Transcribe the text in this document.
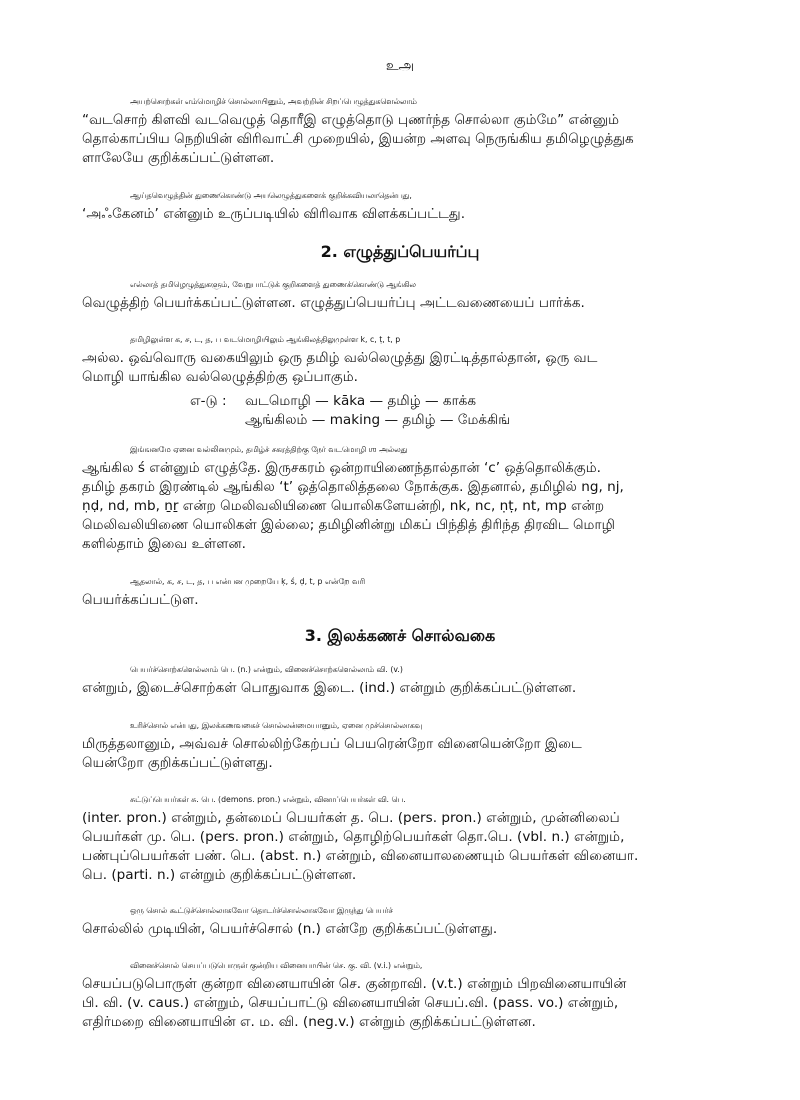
உஅ
அயற்சொற்கள் எம்மொழிச் சொல்லாயினும், அவற்றின் சிறப்பெழுத்துகளெல்லாம்
“வடசொற் கிளவி வடவெழுத் தொரீஇ எழுத்தொடு புணர்ந்த சொல்லா கும்மே” என்னும்
தொல்காப்பிய நெறியின் விரிவாட்சி முறையில், இயன்ற அளவு நெருங்கிய தமிழெழுத்துக
ளாலேயே குறிக்கப்பட்டுள்ளன.
ஆய்தவெழுத்தின் துணைகொண்டு அயலெழுத்துகளைக் குறிக்கவியலாதென்பது,
‘அஃகேனம்’ என்னும் உருப்படியில் விரிவாக விளக்கப்பட்டது.
2. எழுத்துப்பெயர்ப்பு
எல்லாத் தமிழெழுத்துகளும், வேறுபாட்டுக் குறிகளைத் துணைக்கொண்டு ஆங்கில
வெழுத்திற் பெயர்க்கப்பட்டுள்ளன. எழுத்துப்பெயர்ப்பு அட்டவணையைப் பார்க்க.
தமிழிலுள்ள க, ச, ட, த, ப வடமொழியிலும் ஆங்கிலத்திலுமுள்ள k, c, ṭ, t, p
அல்ல. ஒவ்வொரு வகையிலும் ஒரு தமிழ் வல்லெழுத்து இரட்டித்தால்தான், ஒரு வட
மொழி யாங்கில வல்லெழுத்திற்கு ஒப்பாகும்.
எ-டு : வடமொழி — kāka — தமிழ் — காக்க
ஆங்கிலம் — making — தமிழ் — மேக்கிங்
இங்ஙனமே ஏனை வல்லினமும், தமிழ்ச் சகரத்திற்கு நேர் வடமொழி ஶ அல்லது
ஆங்கில ś என்னும் எழுத்தே. இருசகரம் ஒன்றாயிணைந்தால்தான் ‘c’ ஒத்தொலிக்கும்.
தமிழ் தகரம் இரண்டில் ஆங்கில ‘t’ ஒத்தொலித்தலை நோக்குக. இதனால், தமிழில் ng, nj,
ṇḍ, nd, mb, ṉṟ என்ற மெலிவலியிணை யொலிகளேயன்றி, nk, nc, ṇṭ, nt, mp என்ற
மெலிவலியிணை யொலிகள் இல்லை; தமிழினின்று மிகப் பிந்தித் திரிந்த திரவிட மொழி
களில்தாம் இவை உள்ளன.
ஆதலால், க, ச, ட, த, ப என்பன முறையே ḳ, ś, ḍ, t, p என்றே வரி
பெயர்க்கப்பட்டுள.
3. இலக்கணச் சொல்வகை
பெயர்ச்சொற்களெல்லாம் பெ. (n.) என்றும், வினைச்சொற்களெல்லாம் வி. (v.)
என்றும், இடைச்சொற்கள் பொதுவாக இடை. (ind.) என்றும் குறிக்கப்பட்டுள்ளன.
உரிச்சொல் என்பது, இலக்கணவகைச் சொல்லன்மையானும், ஏனை முச்சொல்லாகவு
மிருத்தலானும், அவ்வச் சொல்லிற்கேற்பப் பெயரென்றோ வினையென்றோ இடை
யென்றோ குறிக்கப்பட்டுள்ளது.
சுட்டுப்பெயர்கள் சு. பெ. (demons. pron.) என்றும், வினாப்பெயர்கள் வி. பெ.
(inter. pron.) என்றும், தன்மைப் பெயர்கள் த. பெ. (pers. pron.) என்றும், முன்னிலைப்
பெயர்கள் மு. பெ. (pers. pron.) என்றும், தொழிற்பெயர்கள் தொ.பெ. (vbl. n.) என்றும்,
பண்புப்பெயர்கள் பண். பெ. (abst. n.) என்றும், வினையாலணையும் பெயர்கள் வினையா.
பெ. (parti. n.) என்றும் குறிக்கப்பட்டுள்ளன.
ஒரு சொல் கூட்டுச்சொல்லாகவோ தொடர்ச்சொல்லாகவோ இருந்து பெயர்ச்
சொல்லில் முடியின், பெயர்ச்சொல் (n.) என்றே குறிக்கப்பட்டுள்ளது.
வினைச்சொல் செயப்படுபொருள் குன்றிய வினையாயின் செ. கு. வி. (v.i.) என்றும்,
செயப்படுபொருள் குன்றா வினையாயின் செ. குன்றாவி. (v.t.) என்றும் பிறவினையாயின்
பி. வி. (v. caus.) என்றும், செயப்பாட்டு வினையாயின் செயப்.வி. (pass. vo.) என்றும்,
எதிர்மறை வினையாயின் எ. ம. வி. (neg.v.) என்றும் குறிக்கப்பட்டுள்ளன.
